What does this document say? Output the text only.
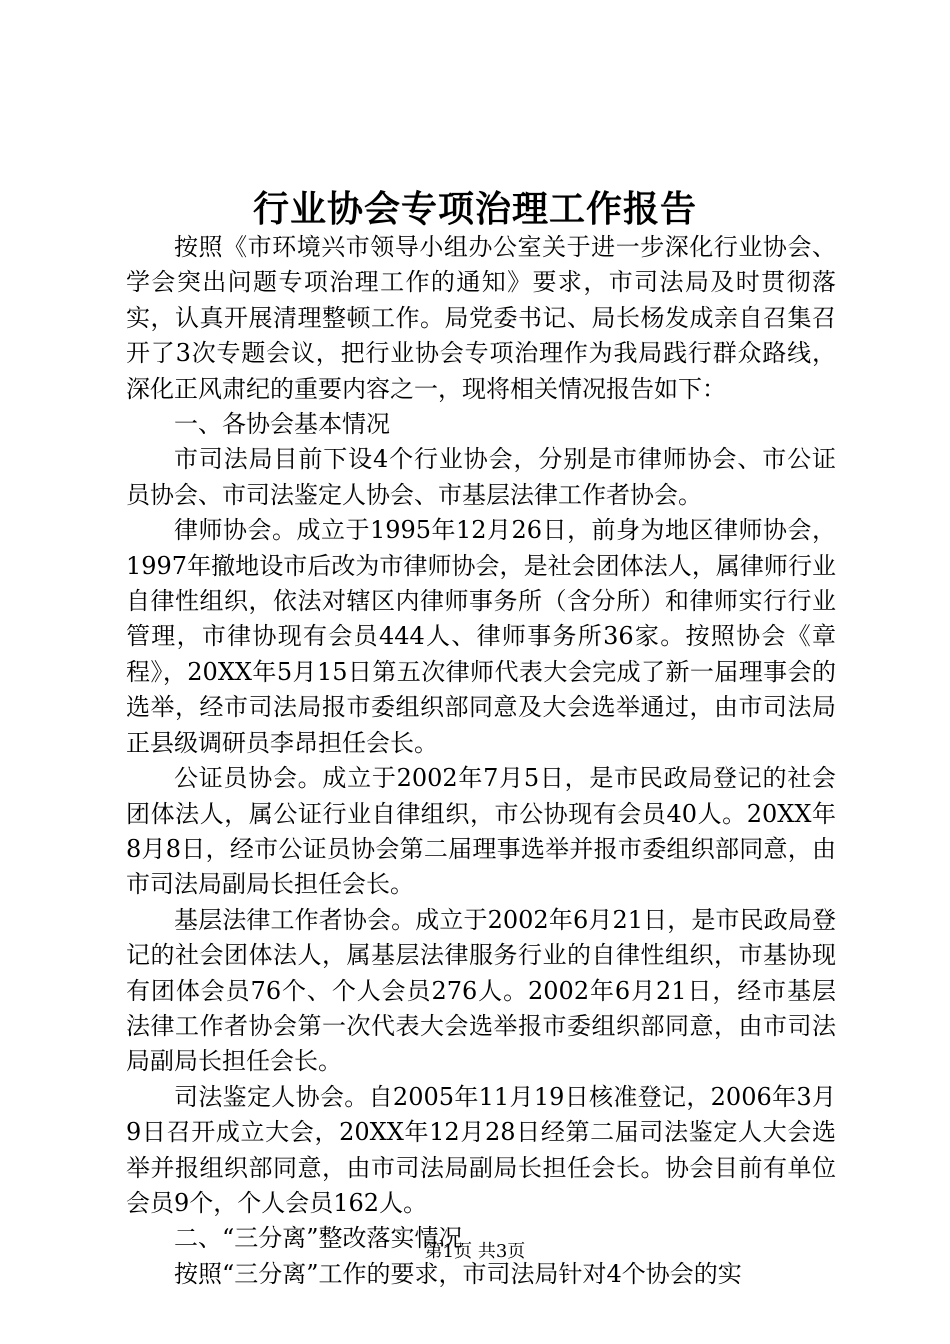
行业协会专项治理工作报告

按照《市环境兴市领导小组办公室关于进一步深化行业协会、学会突出问题专项治理工作的通知》要求，市司法局及时贯彻落实，认真开展清理整顿工作。局党委书记、局长杨发成亲自召集召开了3次专题会议，把行业协会专项治理作为我局践行群众路线，深化正风肃纪的重要内容之一，现将相关情况报告如下：

一、各协会基本情况

市司法局目前下设4个行业协会，分别是市律师协会、市公证员协会、市司法鉴定人协会、市基层法律工作者协会。

律师协会。成立于1995年12月26日，前身为地区律师协会，1997年撤地设市后改为市律师协会，是社会团体法人，属律师行业自律性组织，依法对辖区内律师事务所（含分所）和律师实行行业管理，市律协现有会员444人、律师事务所36家。按照协会《章程》，20XX年5月15日第五次律师代表大会完成了新一届理事会的选举，经市司法局报市委组织部同意及大会选举通过，由市司法局正县级调研员李昂担任会长。

公证员协会。成立于2002年7月5日，是市民政局登记的社会团体法人，属公证行业自律组织，市公协现有会员40人。20XX年8月8日，经市公证员协会第二届理事选举并报市委组织部同意，由市司法局副局长担任会长。

基层法律工作者协会。成立于2002年6月21日，是市民政局登记的社会团体法人，属基层法律服务行业的自律性组织，市基协现有团体会员76个、个人会员276人。2002年6月21日，经市基层法律工作者协会第一次代表大会选举报市委组织部同意，由市司法局副局长担任会长。

司法鉴定人协会。自2005年11月19日核准登记，2006年3月9日召开成立大会，20XX年12月28日经第二届司法鉴定人大会选举并报组织部同意，由市司法局副局长担任会长。协会目前有单位会员9个，个人会员162人。

二、“三分离”整改落实情况

按照“三分离”工作的要求，市司法局针对4个协会的实

第1页 共3页
